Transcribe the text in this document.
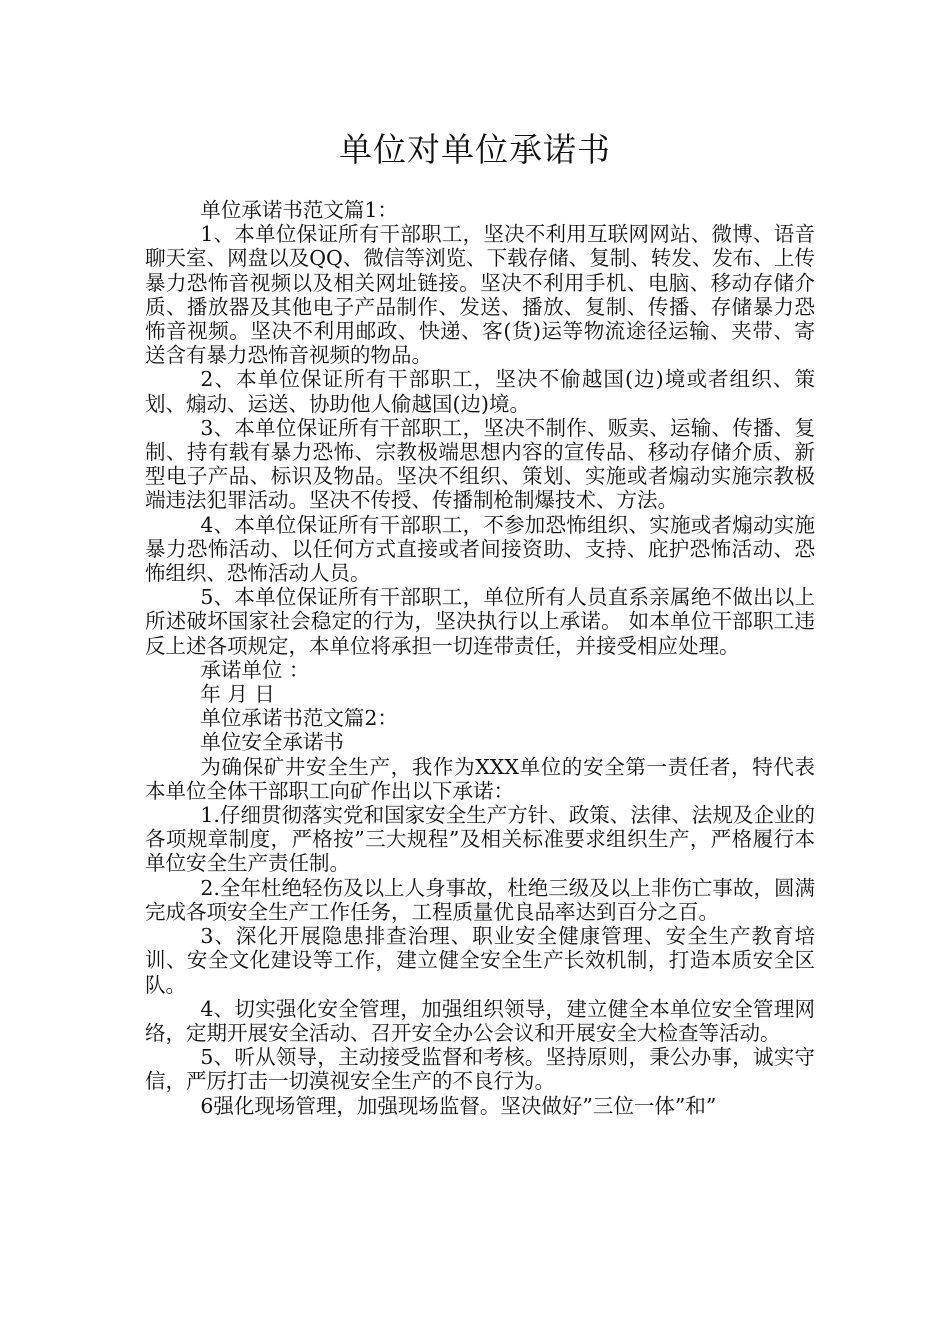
单位对单位承诺书

单位承诺书范文篇1：

1、本单位保证所有干部职工，坚决不利用互联网网站、微博、语音聊天室、网盘以及QQ、微信等浏览、下载存储、复制、转发、发布、上传暴力恐怖音视频以及相关网址链接。坚决不利用手机、电脑、移动存储介质、播放器及其他电子产品制作、发送、播放、复制、传播、存储暴力恐怖音视频。坚决不利用邮政、快递、客(货)运等物流途径运输、夹带、寄送含有暴力恐怖音视频的物品。

2、本单位保证所有干部职工，坚决不偷越国(边)境或者组织、策划、煽动、运送、协助他人偷越国(边)境。

3、本单位保证所有干部职工，坚决不制作、贩卖、运输、传播、复制、持有载有暴力恐怖、宗教极端思想内容的宣传品、移动存储介质、新型电子产品、标识及物品。坚决不组织、策划、实施或者煽动实施宗教极端违法犯罪活动。坚决不传授、传播制枪制爆技术、方法。

4、本单位保证所有干部职工，不参加恐怖组织、实施或者煽动实施暴力恐怖活动、以任何方式直接或者间接资助、支持、庇护恐怖活动、恐怖组织、恐怖活动人员。

5、本单位保证所有干部职工，单位所有人员直系亲属绝不做出以上所述破坏国家社会稳定的行为，坚决执行以上承诺。 如本单位干部职工违反上述各项规定，本单位将承担一切连带责任，并接受相应处理。

承诺单位 ：

年 月 日

单位承诺书范文篇2：

单位安全承诺书

为确保矿井安全生产，我作为XXX单位的安全第一责任者，特代表本单位全体干部职工向矿作出以下承诺：

1.仔细贯彻落实党和国家安全生产方针、政策、法律、法规及企业的各项规章制度，严格按”三大规程”及相关标准要求组织生产，严格履行本单位安全生产责任制。

2.全年杜绝轻伤及以上人身事故，杜绝三级及以上非伤亡事故，圆满完成各项安全生产工作任务，工程质量优良品率达到百分之百。

3、深化开展隐患排查治理、职业安全健康管理、安全生产教育培训、安全文化建设等工作，建立健全安全生产长效机制，打造本质安全区队。

4、切实强化安全管理，加强组织领导，建立健全本单位安全管理网络，定期开展安全活动、召开安全办公会议和开展安全大检查等活动。

5、听从领导，主动接受监督和考核。坚持原则，秉公办事，诚实守信，严厉打击一切漠视安全生产的不良行为。

6强化现场管理，加强现场监督。坚决做好”三位一体”和”
